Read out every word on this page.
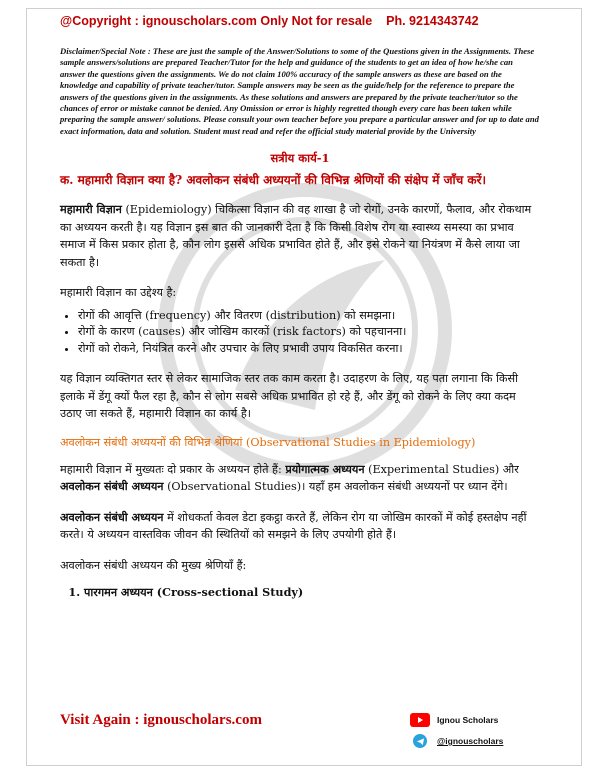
@Copyright : ignouscholars.com Only Not for resale Ph. 9214343742

Disclaimer/Special Note : These are just the sample of the Answer/Solutions to some of the Questions given in the Assignments. These sample answers/solutions are prepared Teacher/Tutor for the help and guidance of the students to get an idea of how he/she can answer the questions given the assignments. We do not claim 100% accuracy of the sample answers as these are based on the knowledge and capability of private teacher/tutor. Sample answers may be seen as the guide/help for the reference to prepare the answers of the questions given in the assignments. As these solutions and answers are prepared by the private teacher/tutor so the chances of error or mistake cannot be denied. Any Omission or error is highly regretted though every care has been taken while preparing the sample answer/ solutions. Please consult your own teacher before you prepare a particular answer and for up to date and exact information, data and solution. Student must read and refer the official study material provide by the University

सत्रीय कार्य-1
क. महामारी विज्ञान क्या है? अवलोकन संबंधी अध्ययनों की विभिन्न श्रेणियों की संक्षेप में जाँच करें।

महामारी विज्ञान (Epidemiology) चिकित्सा विज्ञान की वह शाखा है जो रोगों, उनके कारणों, फैलाव, और रोकथाम का अध्ययन करती है। यह विज्ञान इस बात की जानकारी देता है कि किसी विशेष रोग या स्वास्थ्य समस्या का प्रभाव समाज में किस प्रकार होता है, कौन लोग इससे अधिक प्रभावित होते हैं, और इसे रोकने या नियंत्रण में कैसे लाया जा सकता है।

महामारी विज्ञान का उद्देश्य है:

• रोगों की आवृत्ति (frequency) और वितरण (distribution) को समझना।
• रोगों के कारण (causes) और जोखिम कारकों (risk factors) को पहचानना।
• रोगों को रोकने, नियंत्रित करने और उपचार के लिए प्रभावी उपाय विकसित करना।

यह विज्ञान व्यक्तिगत स्तर से लेकर सामाजिक स्तर तक काम करता है। उदाहरण के लिए, यह पता लगाना कि किसी इलाके में डेंगू क्यों फैल रहा है, कौन से लोग सबसे अधिक प्रभावित हो रहे हैं, और डेंगू को रोकने के लिए क्या कदम उठाए जा सकते हैं, महामारी विज्ञान का कार्य है।

अवलोकन संबंधी अध्ययनों की विभिन्न श्रेणियां (Observational Studies in Epidemiology)

महामारी विज्ञान में मुख्यतः दो प्रकार के अध्ययन होते हैं: प्रयोगात्मक अध्ययन (Experimental Studies) और अवलोकन संबंधी अध्ययन (Observational Studies)। यहाँ हम अवलोकन संबंधी अध्ययनों पर ध्यान देंगे।

अवलोकन संबंधी अध्ययन में शोधकर्ता केवल डेटा इकट्ठा करते हैं, लेकिन रोग या जोखिम कारकों में कोई हस्तक्षेप नहीं करते। ये अध्ययन वास्तविक जीवन की स्थितियों को समझने के लिए उपयोगी होते हैं।

अवलोकन संबंधी अध्ययन की मुख्य श्रेणियाँ हैं:

1. पारगमन अध्ययन (Cross-sectional Study)
Visit Again : ignouscholars.com	Ignou Scholars
@ignouscholars
